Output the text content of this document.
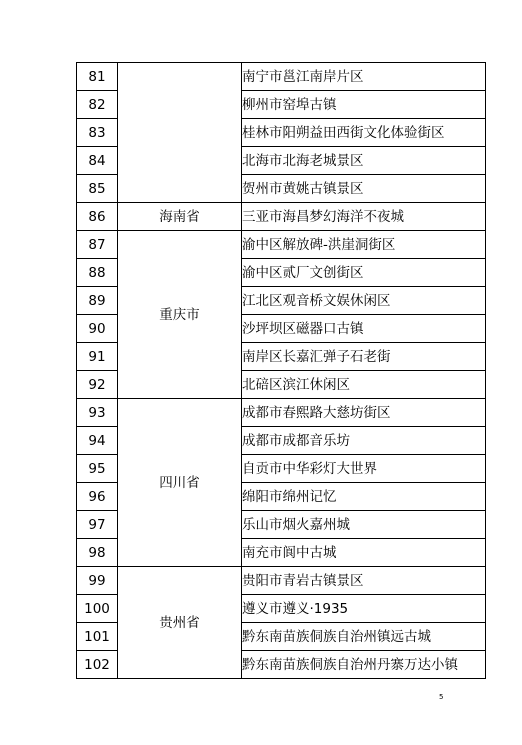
81		南宁市邕江南岸片区
82		柳州市窑埠古镇
83		桂林市阳朔益田西街文化体验街区
84		北海市北海老城景区
85		贺州市黄姚古镇景区
86	海南省	三亚市海昌梦幻海洋不夜城
87	重庆市	渝中区解放碑-洪崖洞街区
88		渝中区贰厂文创街区
89		江北区观音桥文娱休闲区
90		沙坪坝区磁器口古镇
91		南岸区长嘉汇弹子石老街
92		北碚区滨江休闲区
93	四川省	成都市春熙路大慈坊街区
94		成都市成都音乐坊
95		自贡市中华彩灯大世界
96		绵阳市绵州记忆
97		乐山市烟火嘉州城
98		南充市阆中古城
99	贵州省	贵阳市青岩古镇景区
100		遵义市遵义·1935
101		黔东南苗族侗族自治州镇远古城
102		黔东南苗族侗族自治州丹寨万达小镇
5
